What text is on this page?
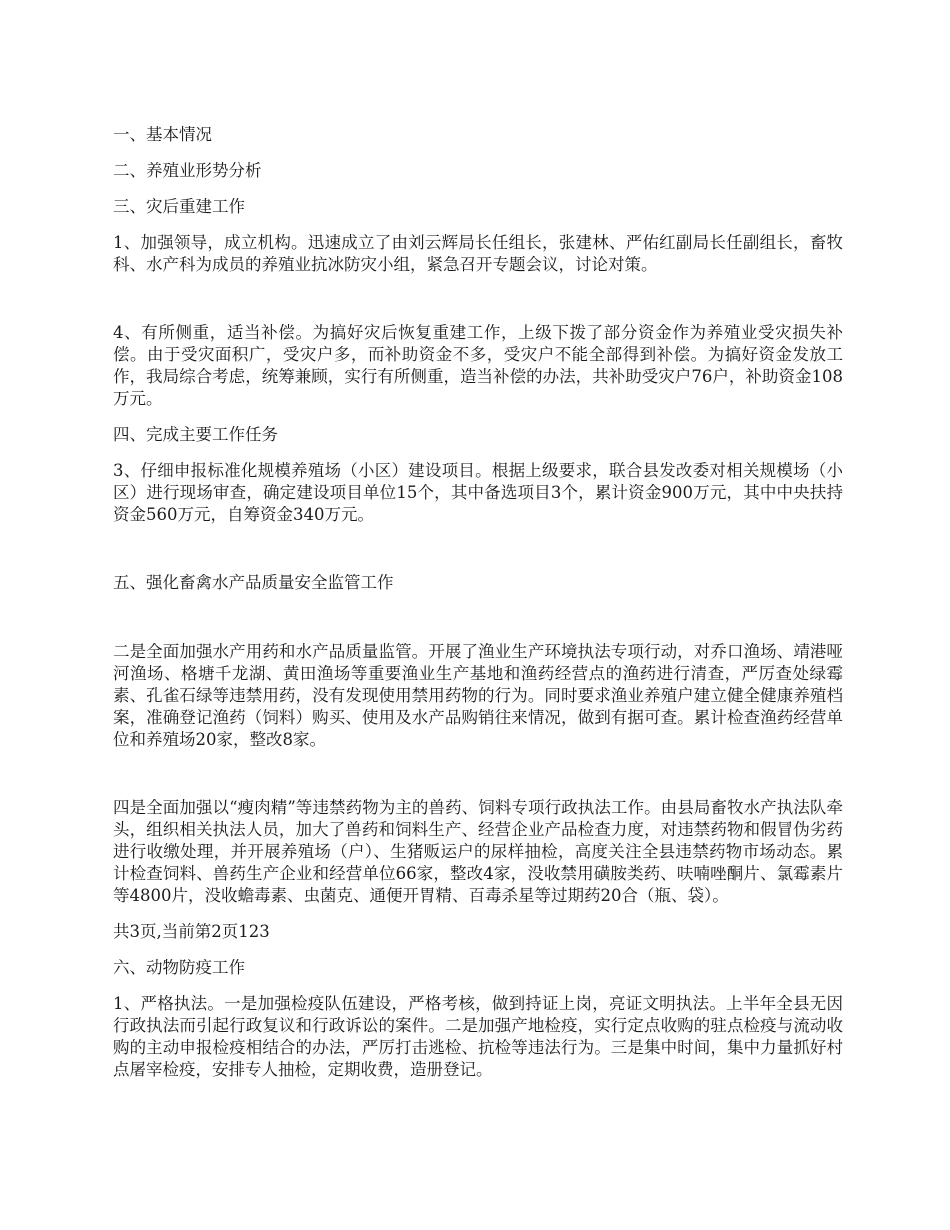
一、基本情况

二、养殖业形势分析

三、灾后重建工作

1、加强领导，成立机构。迅速成立了由刘云辉局长任组长，张建林、严佑红副局长任副组长，畜牧科、水产科为成员的养殖业抗冰防灾小组，紧急召开专题会议，讨论对策。

4、有所侧重，适当补偿。为搞好灾后恢复重建工作，上级下拨了部分资金作为养殖业受灾损失补偿。由于受灾面积广，受灾户多，而补助资金不多，受灾户不能全部得到补偿。为搞好资金发放工作，我局综合考虑，统筹兼顾，实行有所侧重，造当补偿的办法，共补助受灾户76户，补助资金108万元。

四、完成主要工作任务

3、仔细申报标准化规模养殖场（小区）建设项目。根据上级要求，联合县发改委对相关规模场（小区）进行现场审查，确定建设项目单位15个，其中备选项目3个，累计资金900万元，其中中央扶持资金560万元，自筹资金340万元。

五、强化畜禽水产品质量安全监管工作

二是全面加强水产用药和水产品质量监管。开展了渔业生产环境执法专项行动，对乔口渔场、靖港哑河渔场、格塘千龙湖、黄田渔场等重要渔业生产基地和渔药经营点的渔药进行清查，严厉查处绿霉素、孔雀石绿等违禁用药，没有发现使用禁用药物的行为。同时要求渔业养殖户建立健全健康养殖档案，准确登记渔药（饲料）购买、使用及水产品购销往来情况，做到有据可查。累计检查渔药经营单位和养殖场20家，整改8家。

四是全面加强以“瘦肉精”等违禁药物为主的兽药、饲料专项行政执法工作。由县局畜牧水产执法队牵头，组织相关执法人员，加大了兽药和饲料生产、经营企业产品检查力度，对违禁药物和假冒伪劣药进行收缴处理，并开展养殖场（户）、生猪贩运户的尿样抽检，高度关注全县违禁药物市场动态。累计检查饲料、兽药生产企业和经营单位66家，整改4家，没收禁用磺胺类药、呋喃唑酮片、氯霉素片等4800片，没收蟾毒素、虫菌克、通便开胃精、百毒杀星等过期药20合（瓶、袋）。

共3页,当前第2页123

六、动物防疫工作

1、严格执法。一是加强检疫队伍建设，严格考核，做到持证上岗，亮证文明执法。上半年全县无因行政执法而引起行政复议和行政诉讼的案件。二是加强产地检疫，实行定点收购的驻点检疫与流动收购的主动申报检疫相结合的办法，严厉打击逃检、抗检等违法行为。三是集中时间，集中力量抓好村点屠宰检疫，安排专人抽检，定期收费，造册登记。
